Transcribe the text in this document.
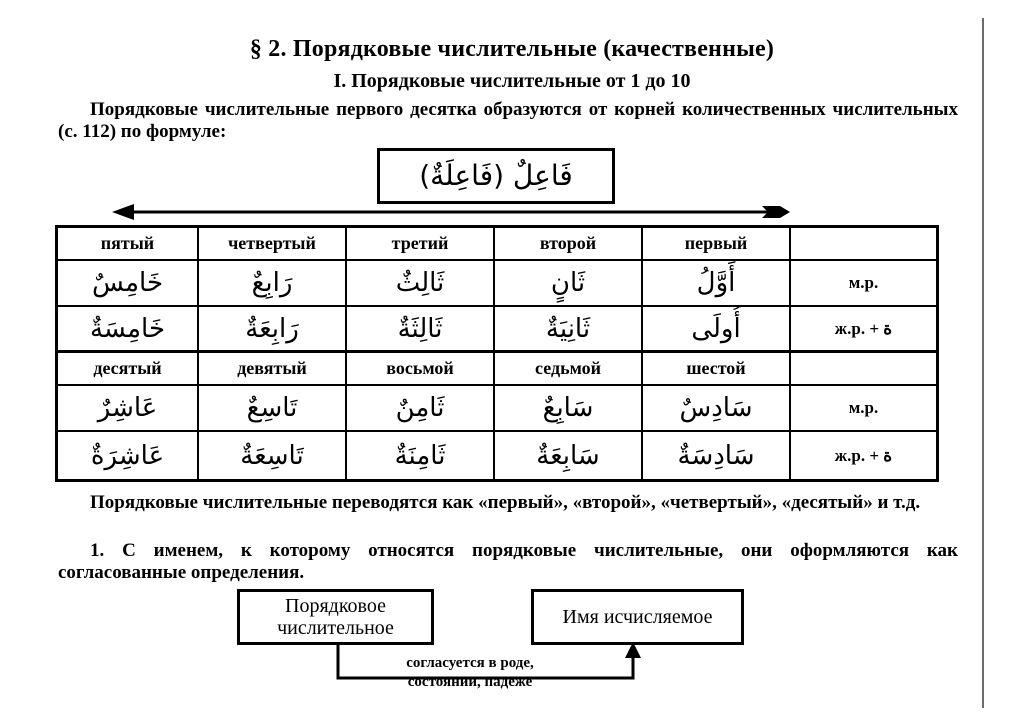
§ 2. Порядковые числительные (качественные)
I. Порядковые числительные от 1 до 10
Порядковые числительные первого десятка образуются от корней количественных числительных (с. 112) по формуле:
فَاعِلٌ (فَاعِلَةٌ)
пятый	четвертый	третий	второй	первый
خَامِسٌ	رَابِعٌ	ثَالِثٌ	ثَانٍ	أَوَّلُ	м.р.
خَامِسَةٌ	رَابِعَةٌ	ثَالِثَةٌ	ثَانِيَةٌ	أُولَى	ж.р. + ة
десятый	девятый	восьмой	седьмой	шестой
عَاشِرٌ	تَاسِعٌ	ثَامِنٌ	سَابِعٌ	سَادِسٌ	м.р.
عَاشِرَةٌ	تَاسِعَةٌ	ثَامِنَةٌ	سَابِعَةٌ	سَادِسَةٌ	ж.р. + ة
Порядковые числительные переводятся как «первый», «второй», «четвертый», «десятый» и т.д.
1. С именем, к которому относятся порядковые числительные, они оформляются как согласованные определения.
Порядковое числительное	Имя исчисляемое
согласуется в роде,
состоянии, падеже
